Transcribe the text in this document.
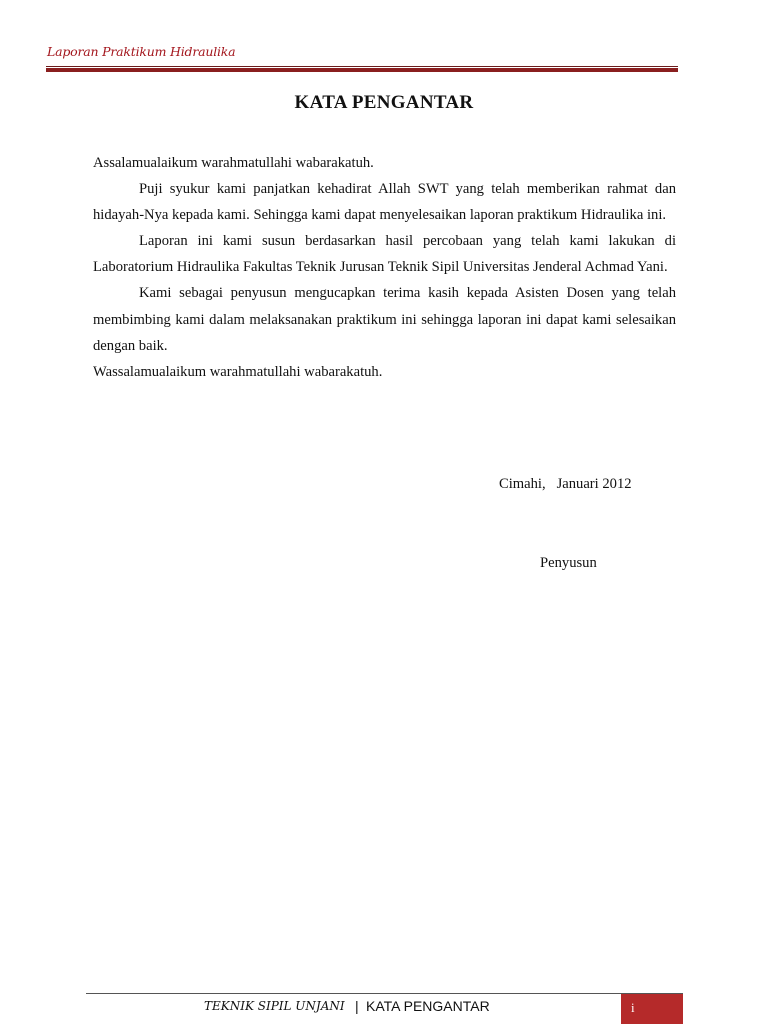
Laporan Praktikum Hidraulika
KATA PENGANTAR

Assalamualaikum warahmatullahi wabarakatuh.

Puji syukur kami panjatkan kehadirat Allah SWT yang telah memberikan rahmat dan hidayah-Nya kepada kami. Sehingga kami dapat menyelesaikan laporan praktikum Hidraulika ini.

Laporan ini kami susun berdasarkan hasil percobaan yang telah kami lakukan di Laboratorium Hidraulika Fakultas Teknik Jurusan Teknik Sipil Universitas Jenderal Achmad Yani.

Kami sebagai penyusun mengucapkan terima kasih kepada Asisten Dosen yang telah membimbing kami dalam melaksanakan praktikum ini sehingga laporan ini dapat kami selesaikan dengan baik.

Wassalamualaikum warahmatullahi wabarakatuh.

Cimahi,   Januari 2012
Penyusun
TEKNIK SIPIL UNJANI | KATA PENGANTAR	i
